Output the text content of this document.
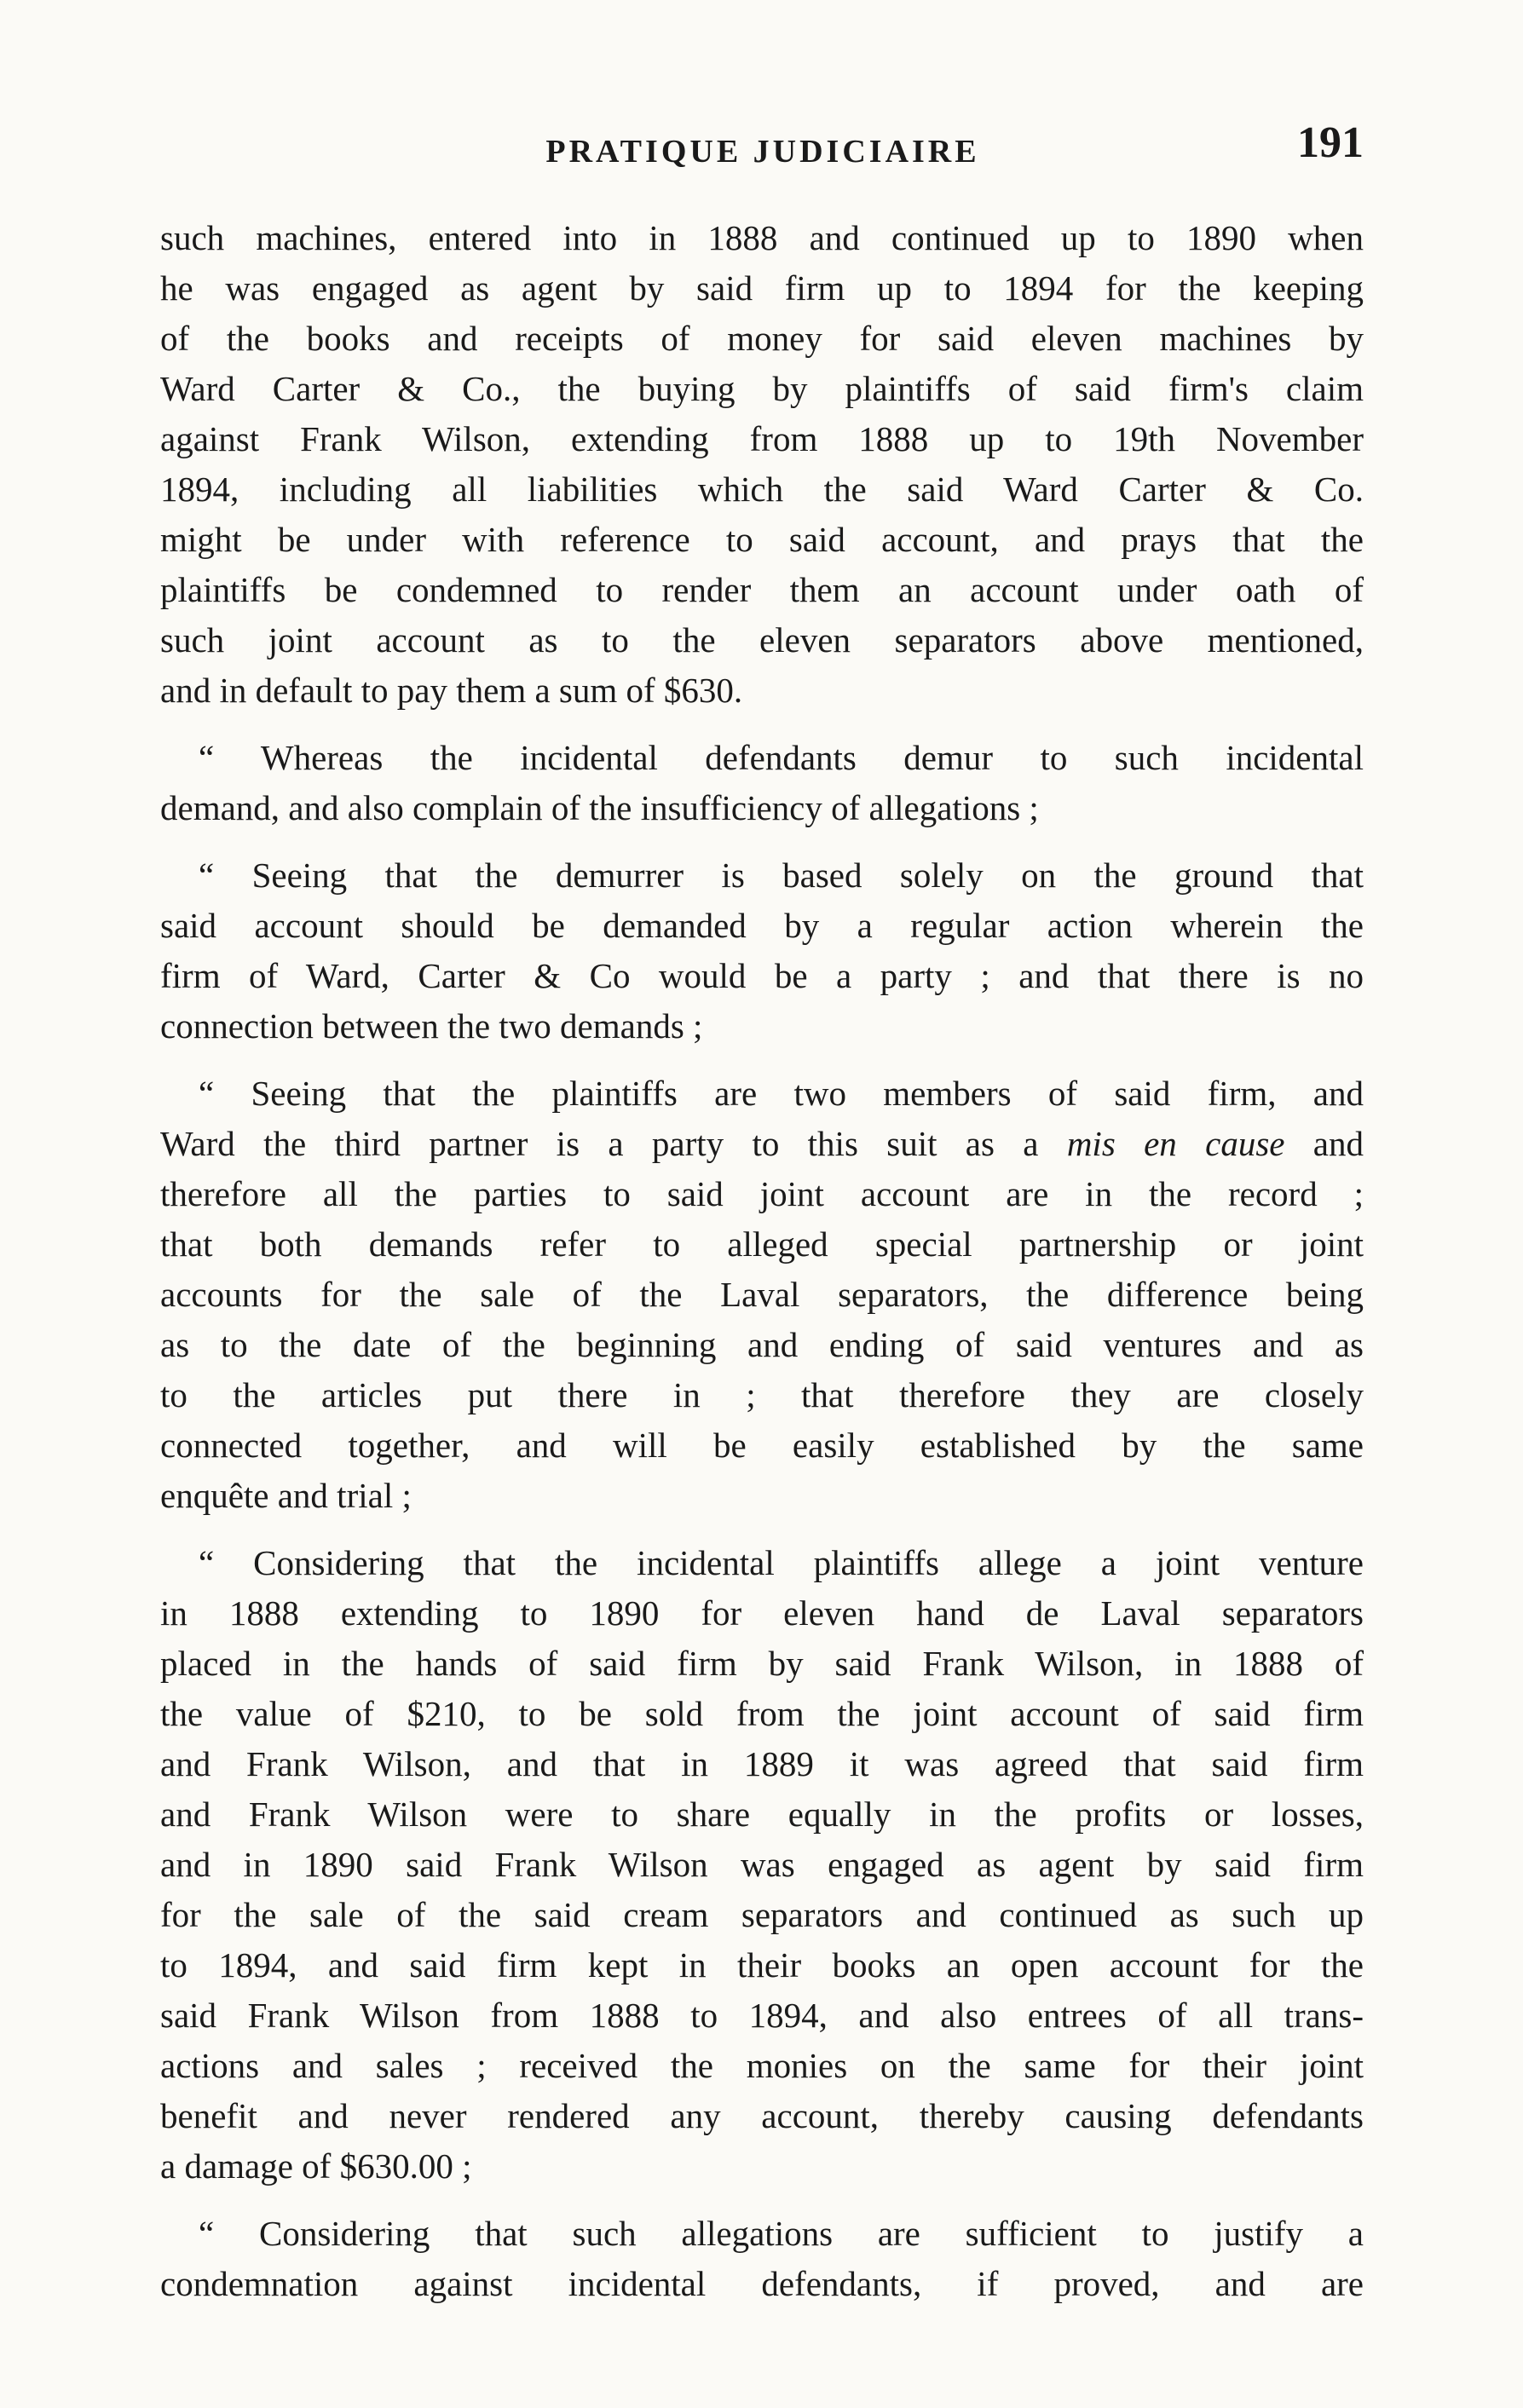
PRATIQUE JUDICIAIRE	191
such machines, entered into in 1888 and continued up to 1890 when
he was engaged as agent by said firm up to 1894 for the keeping
of the books and receipts of money for said eleven machines by
Ward Carter & Co., the buying by plaintiffs of said firm's claim
against Frank Wilson, extending from 1888 up to 19th November
1894, including all liabilities which the said Ward Carter & Co.
might be under with reference to said account, and prays that the
plaintiffs be condemned to render them an account under oath of
such joint account as to the eleven separators above mentioned,
and in default to pay them a sum of $630.
“ Whereas the incidental defendants demur to such incidental
demand, and also complain of the insufficiency of allegations ;
“ Seeing that the demurrer is based solely on the ground that
said account should be demanded by a regular action wherein the
firm of Ward, Carter & Co would be a party ; and that there is no
connection between the two demands ;
“ Seeing that the plaintiffs are two members of said firm, and
Ward the third partner is a party to this suit as a mis en cause and
therefore all the parties to said joint account are in the record ;
that both demands refer to alleged special partnership or joint
accounts for the sale of the Laval separators, the difference being
as to the date of the beginning and ending of said ventures and as
to the articles put there in ; that therefore they are closely
connected together, and will be easily established by the same
enquête and trial ;
“ Considering that the incidental plaintiffs allege a joint venture
in 1888 extending to 1890 for eleven hand de Laval separators
placed in the hands of said firm by said Frank Wilson, in 1888 of
the value of $210, to be sold from the joint account of said firm
and Frank Wilson, and that in 1889 it was agreed that said firm
and Frank Wilson were to share equally in the profits or losses,
and in 1890 said Frank Wilson was engaged as agent by said firm
for the sale of the said cream separators and continued as such up
to 1894, and said firm kept in their books an open account for the
said Frank Wilson from 1888 to 1894, and also entrees of all trans-
actions and sales ; received the monies on the same for their joint
benefit and never rendered any account, thereby causing defendants
a damage of $630.00 ;
“ Considering that such allegations are sufficient to justify a
condemnation against incidental defendants, if proved, and are
